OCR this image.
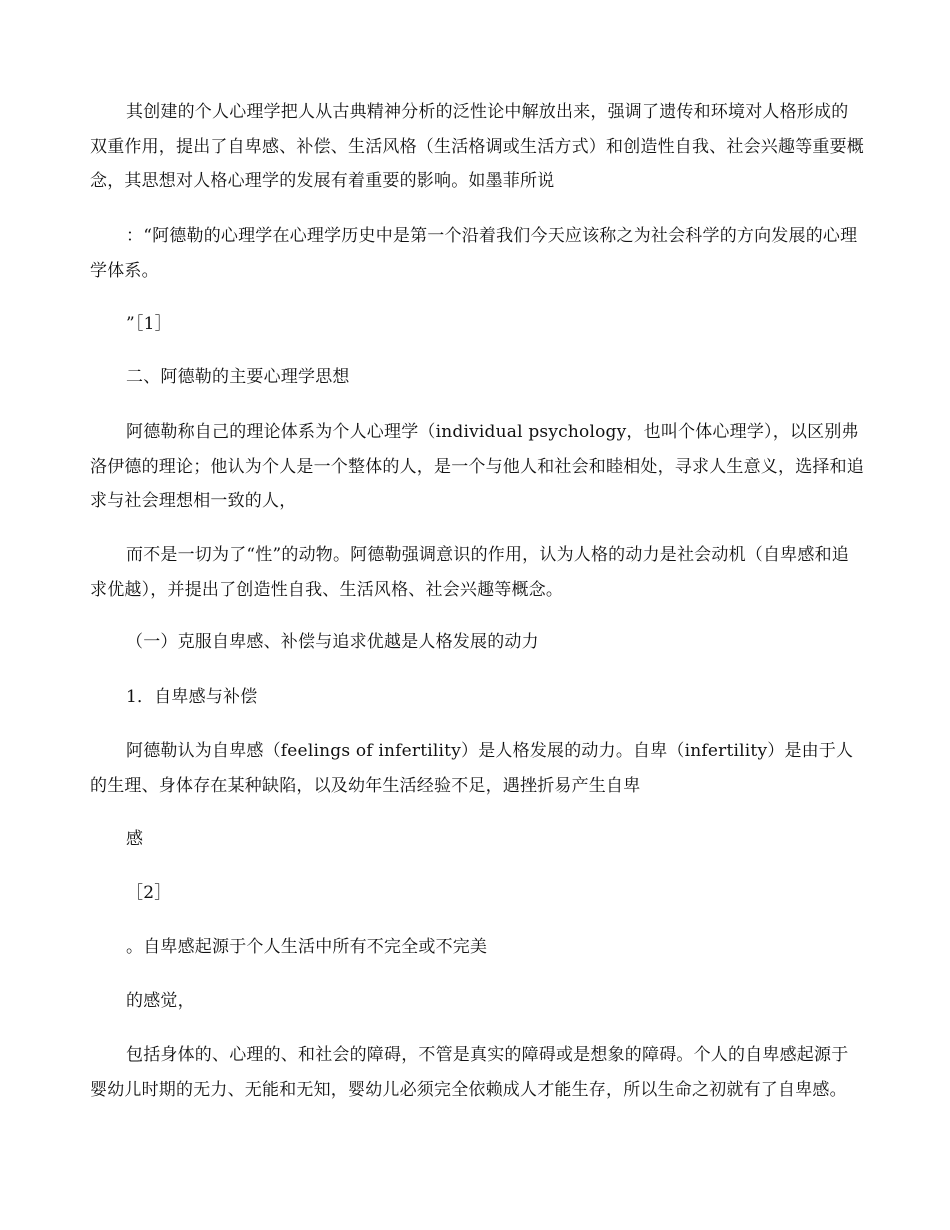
其创建的个人心理学把人从古典精神分析的泛性论中解放出来，强调了遗传和环境对人格形成的双重作用，提出了自卑感、补偿、生活风格（生活格调或生活方式）和创造性自我、社会兴趣等重要概念，其思想对人格心理学的发展有着重要的影响。如墨菲所说

：“阿德勒的心理学在心理学历史中是第一个沿着我们今天应该称之为社会科学的方向发展的心理学体系。

”［1］

二、阿德勒的主要心理学思想

阿德勒称自己的理论体系为个人心理学（individual psychology，也叫个体心理学），以区别弗洛伊德的理论；他认为个人是一个整体的人，是一个与他人和社会和睦相处，寻求人生意义，选择和追求与社会理想相一致的人，

而不是一切为了“性”的动物。阿德勒强调意识的作用，认为人格的动力是社会动机（自卑感和追求优越），并提出了创造性自我、生活风格、社会兴趣等概念。

（一）克服自卑感、补偿与追求优越是人格发展的动力

1．自卑感与补偿

阿德勒认为自卑感（feelings of infertility）是人格发展的动力。自卑（infertility）是由于人的生理、身体存在某种缺陷，以及幼年生活经验不足，遇挫折易产生自卑

感

［2］

。自卑感起源于个人生活中所有不完全或不完美

的感觉，

包括身体的、心理的、和社会的障碍，不管是真实的障碍或是想象的障碍。个人的自卑感起源于婴幼儿时期的无力、无能和无知，婴幼儿必须完全依赖成人才能生存，所以生命之初就有了自卑感。
